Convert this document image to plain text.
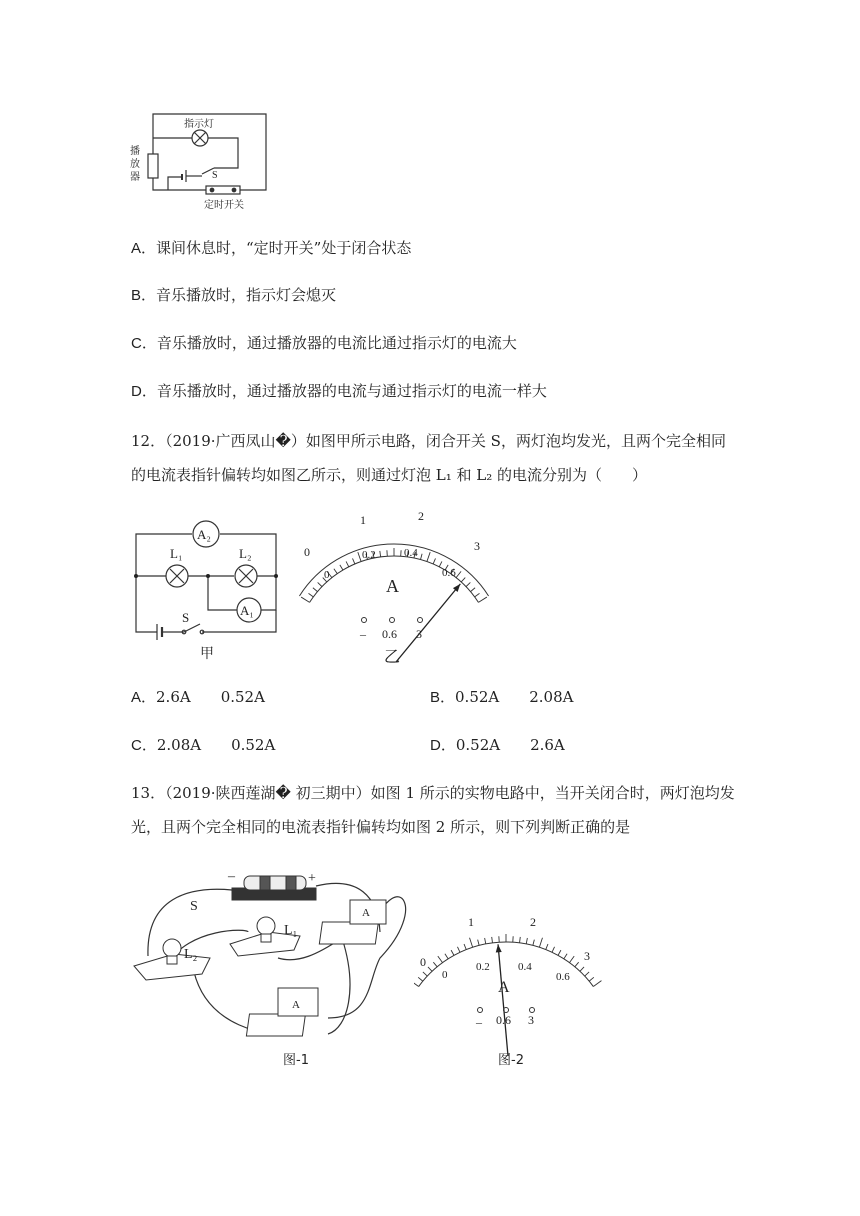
指示灯
播
放
器	S
定时开关
A．课间休息时，“定时开关”处于闭合状态
B．音乐播放时，指示灯会熄灭
C．音乐播放时，通过播放器的电流比通过指示灯的电流大
D．音乐播放时，通过播放器的电流与通过指示灯的电流一样大
12．（2019·广西凤山�）如图甲所示电路，闭合开关 S，两灯泡均发光，且两个完全相同
的电流表指针偏转均如图乙所示，则通过灯泡 L₁ 和 L₂ 的电流分别为（　　）
A₂
L₁	L₂
A₁
S
甲
0
1	2
3
0
0.2	0.4
0.6
A
– 0.6 3
乙
A．2.6A　　0.52A	B．0.52A　　2.08A
C．2.08A　　0.52A	D．0.52A　　2.6A
13．（2019·陕西莲湖� 初三期中）如图 1 所示的实物电路中，当开关闭合时，两灯泡均发
光，且两个完全相同的电流表指针偏转均如图 2 所示，则下列判断正确的是
–	+
A
A
S
L₁
L₂
图-1
0
1	2
3
0
0.2	0.4
0.6
A
– 0.6 3
图-2
